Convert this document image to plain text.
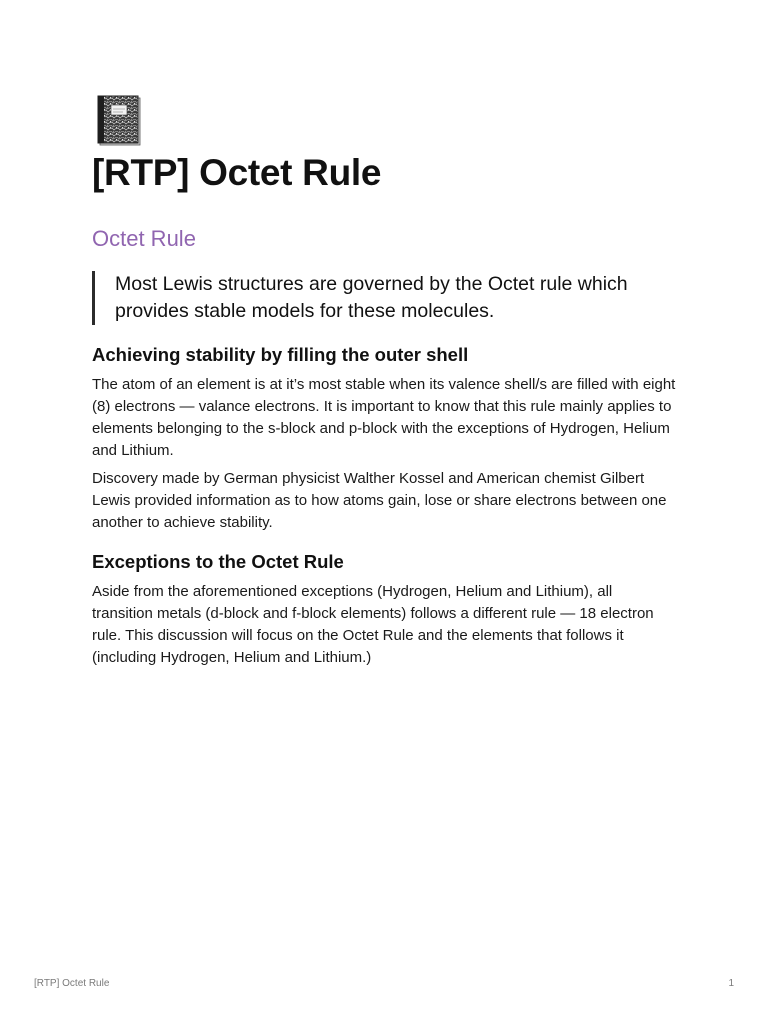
[RTP] Octet Rule
Octet Rule
Most Lewis structures are governed by the Octet rule which provides stable models for these molecules.
Achieving stability by filling the outer shell

The atom of an element is at it’s most stable when its valence shell/s are filled with eight (8) electrons — valance electrons. It is important to know that this rule mainly applies to elements belonging to the s-block and p-block with the exceptions of Hydrogen, Helium and Lithium.

Discovery made by German physicist Walther Kossel and American chemist Gilbert Lewis provided information as to how atoms gain, lose or share electrons between one another to achieve stability.

Exceptions to the Octet Rule

Aside from the aforementioned exceptions (Hydrogen, Helium and Lithium), all transition metals (d-block and f-block elements) follows a different rule — 18 electron rule. This discussion will focus on the Octet Rule and the elements that follows it (including Hydrogen, Helium and Lithium.)

[RTP] Octet Rule	1
